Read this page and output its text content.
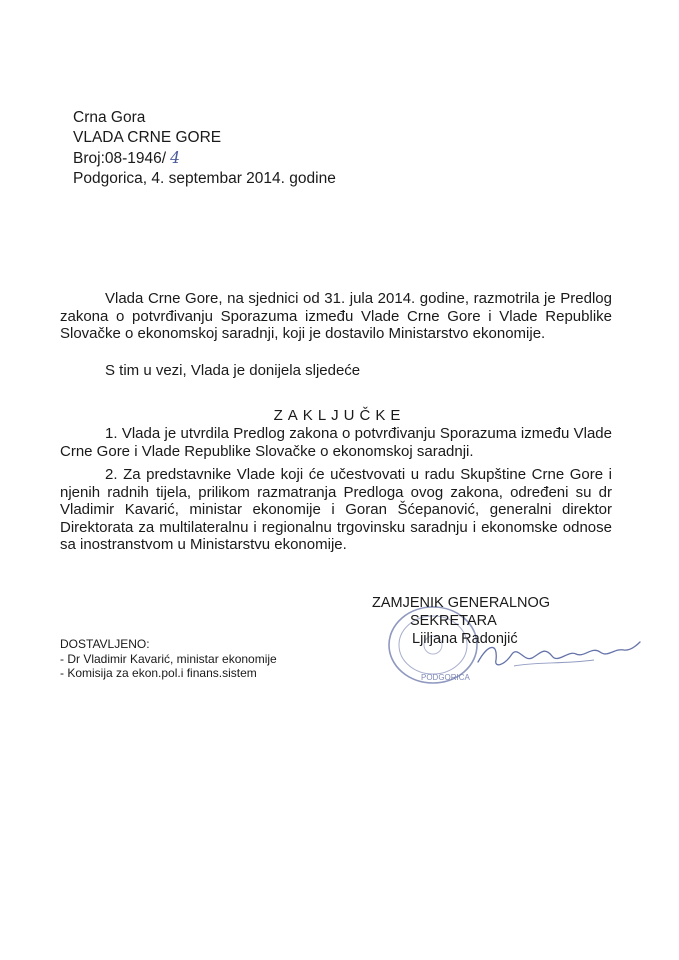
Crna Gora
VLADA CRNE GORE
Broj:08-1946/ 4
Podgorica, 4. septembar 2014. godine
Vlada Crne Gore, na sjednici od 31. jula 2014. godine, razmotrila je Predlog zakona o potvrđivanju Sporazuma između Vlade Crne Gore i Vlade Republike Slovačke o ekonomskoj saradnji, koji je dostavilo Ministarstvo ekonomije.
S tim u vezi, Vlada je donijela sljedeće
ZAKLJUČKE
1. Vlada je utvrdila Predlog zakona o potvrđivanju Sporazuma između Vlade Crne Gore i Vlade Republike Slovačke o ekonomskoj saradnji.
2. Za predstavnike Vlade koji će učestvovati u radu Skupštine Crne Gore i njenih radnih tijela, prilikom razmatranja Predloga ovog zakona, određeni su dr Vladimir Kavarić, ministar ekonomije i Goran Šćepanović, generalni direktor Direktorata za multilateralnu i regionalnu trgovinsku saradnju i ekonomske odnose sa inostranstvom u Ministarstvu ekonomije.
PODGORICA
ZAMJENIK GENERALNOG
SEKRETARA
Ljiljana Radonjić
DOSTAVLJENO:
- Dr Vladimir Kavarić, ministar ekonomije
- Komisija za ekon.pol.i finans.sistem
